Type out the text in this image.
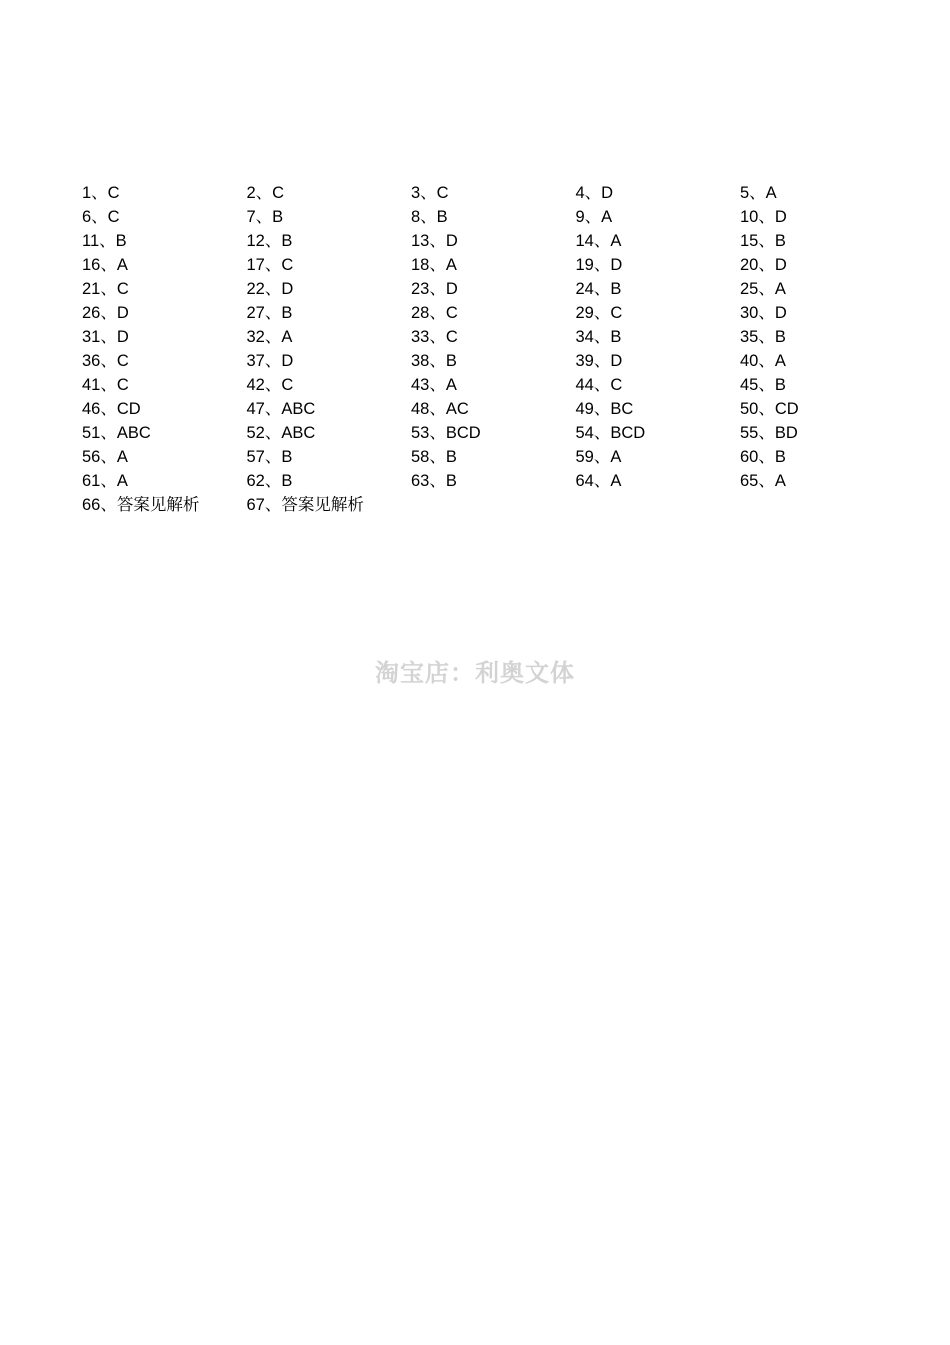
1、C	2、C	3、C	4、D	5、A
6、C	7、B	8、B	9、A	10、D
11、B	12、B	13、D	14、A	15、B
16、A	17、C	18、A	19、D	20、D
21、C	22、D	23、D	24、B	25、A
26、D	27、B	28、C	29、C	30、D
31、D	32、A	33、C	34、B	35、B
36、C	37、D	38、B	39、D	40、A
41、C	42、C	43、A	44、C	45、B
46、CD	47、ABC	48、AC	49、BC	50、CD
51、ABC	52、ABC	53、BCD	54、BCD	55、BD
56、A	57、B	58、B	59、A	60、B
61、A	62、B	63、B	64、A	65、A
66、答案见解析	67、答案见解析
淘宝店：利奥文体
